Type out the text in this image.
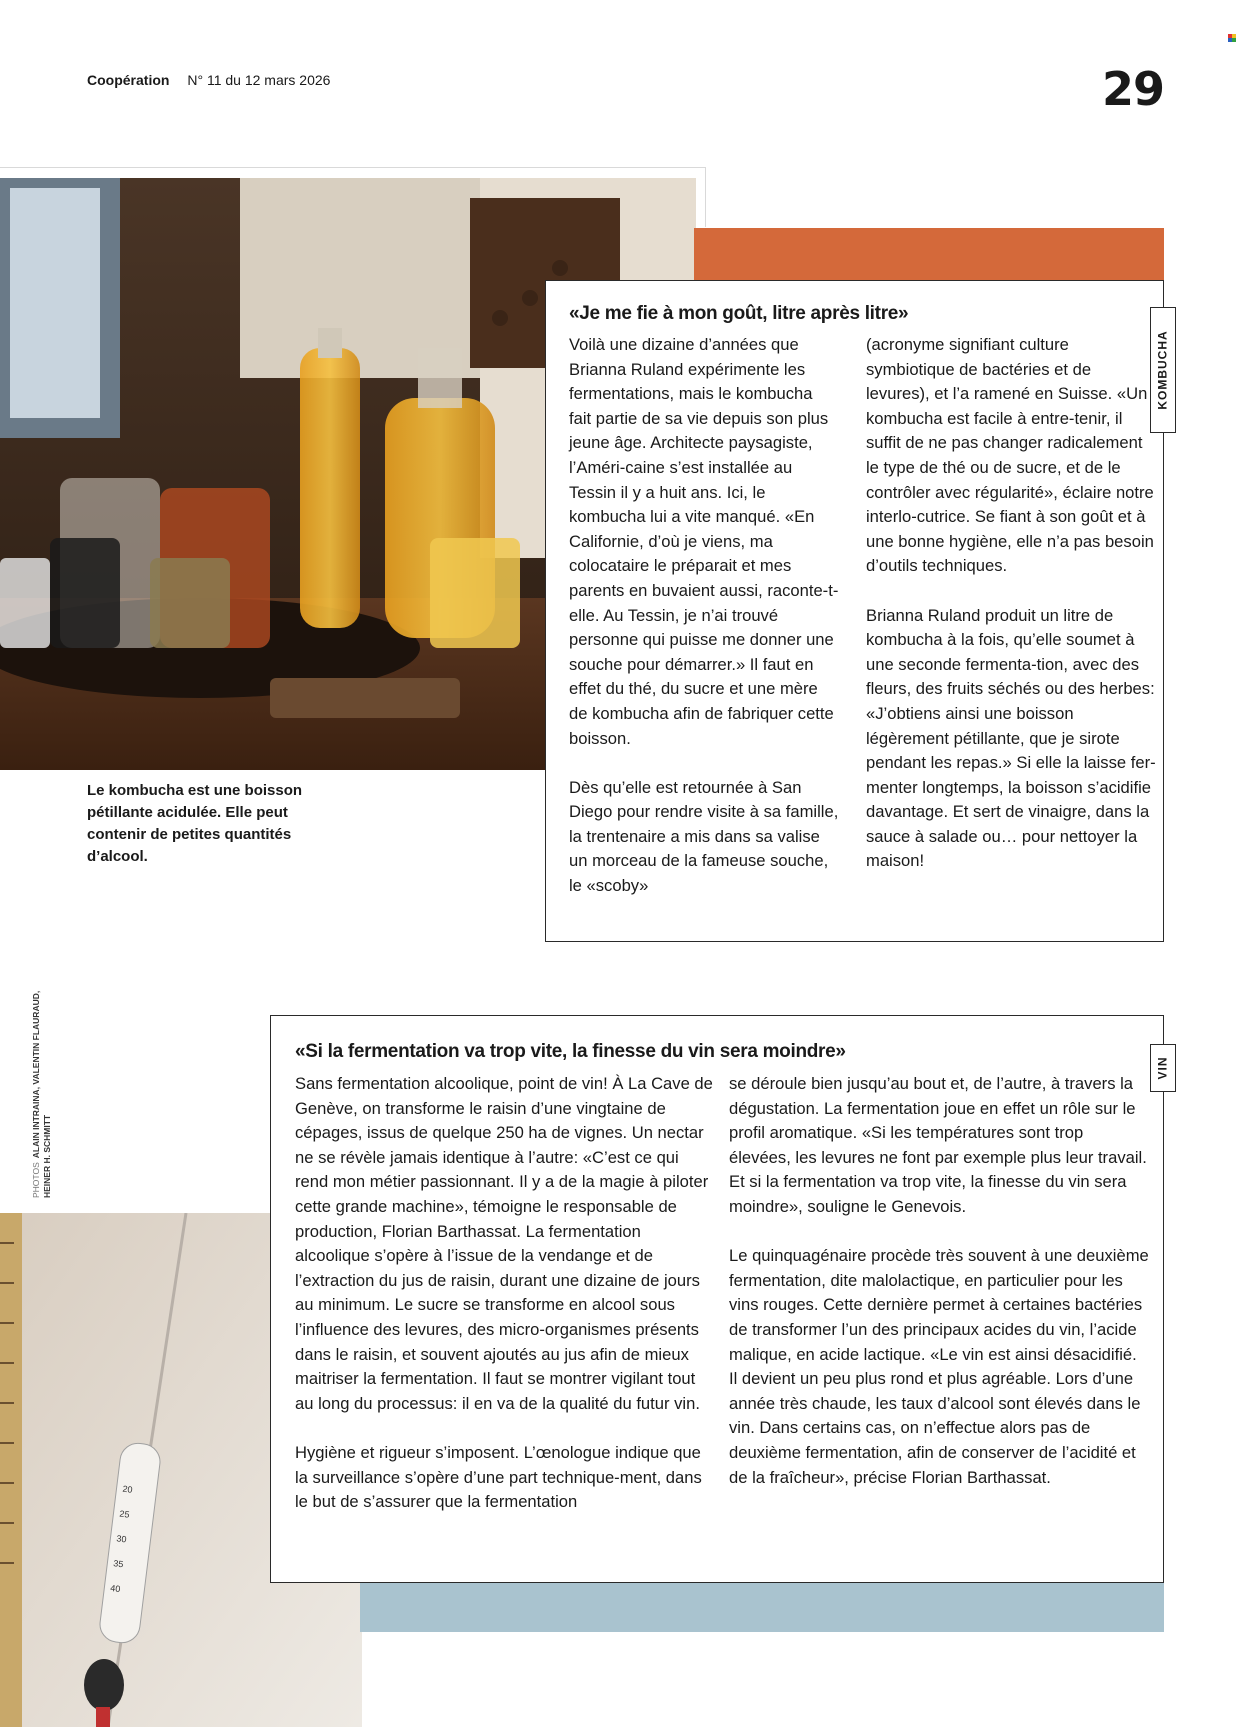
Coopération N° 11 du 12 mars 2026	29
Le kombucha est une boisson pétillante acidulée. Elle peut contenir de petites quantités d’alcool.
«Je me fie à mon goût, litre après litre»

Voilà une dizaine d’années que Brianna Ruland expérimente les fermentations, mais le kombucha fait partie de sa vie depuis son plus jeune âge. Architecte paysagiste, l’Améri-caine s’est installée au Tessin il y a huit ans. Ici, le kombucha lui a vite manqué. «En Californie, d’où je viens, ma colocataire le préparait et mes parents en buvaient aussi, raconte-t-elle. Au Tessin, je n’ai trouvé personne qui puisse me donner une souche pour démarrer.» Il faut en effet du thé, du sucre et une mère de kombucha afin de fabriquer cette boisson.

Dès qu’elle est retournée à San Diego pour rendre visite à sa famille, la trentenaire a mis dans sa valise un morceau de la fameuse souche, le «scoby»

(acronyme signifiant culture symbiotique de bactéries et de levures), et l’a ramené en Suisse. «Un kombucha est facile à entre-tenir, il suffit de ne pas changer radicalement le type de thé ou de sucre, et de le contrôler avec régularité», éclaire notre interlo-cutrice. Se fiant à son goût et à une bonne hygiène, elle n’a pas besoin d’outils techniques.

Brianna Ruland produit un litre de kombucha à la fois, qu’elle soumet à une seconde fermenta-tion, avec des fleurs, des fruits séchés ou des herbes: «J’obtiens ainsi une boisson légèrement pétillante, que je sirote pendant les repas.» Si elle la laisse fer-menter longtemps, la boisson s’acidifie davantage. Et sert de vinaigre, dans la sauce à salade ou… pour nettoyer la maison!

KOMBUCHA
PHOTOSALAIN INTRAINA, VALENTIN FLAURAUD, HEINER H. SCHMITT
20
25
30
35
40
«Si la fermentation va trop vite, la finesse du vin sera moindre»

Sans fermentation alcoolique, point de vin! À La Cave de Genève, on transforme le raisin d’une vingtaine de cépages, issus de quelque 250 ha de vignes. Un nectar ne se révèle jamais identique à l’autre: «C’est ce qui rend mon métier passionnant. Il y a de la magie à piloter cette grande machine», témoigne le responsable de production, Florian Barthassat. La fermentation alcoolique s’opère à l’issue de la vendange et de l’extraction du jus de raisin, durant une dizaine de jours au minimum. Le sucre se transforme en alcool sous l’influence des levures, des micro-organismes présents dans le raisin, et souvent ajoutés au jus afin de mieux maitriser la fermentation. Il faut se montrer vigilant tout au long du processus: il en va de la qualité du futur vin.

Hygiène et rigueur s’imposent. L’œnologue indique que la surveillance s’opère d’une part technique-ment, dans le but de s’assurer que la fermentation

se déroule bien jusqu’au bout et, de l’autre, à travers la dégustation. La fermentation joue en effet un rôle sur le profil aromatique. «Si les températures sont trop élevées, les levures ne font par exemple plus leur travail. Et si la fermentation va trop vite, la finesse du vin sera moindre», souligne le Genevois.

Le quinquagénaire procède très souvent à une deuxième fermentation, dite malolactique, en particulier pour les vins rouges. Cette dernière permet à certaines bactéries de transformer l’un des principaux acides du vin, l’acide malique, en acide lactique. «Le vin est ainsi désacidifié. Il devient un peu plus rond et plus agréable. Lors d’une année très chaude, les taux d’alcool sont élevés dans le vin. Dans certains cas, on n’effectue alors pas de deuxième fermentation, afin de conserver de l’acidité et de la fraîcheur», précise Florian Barthassat.

VIN
